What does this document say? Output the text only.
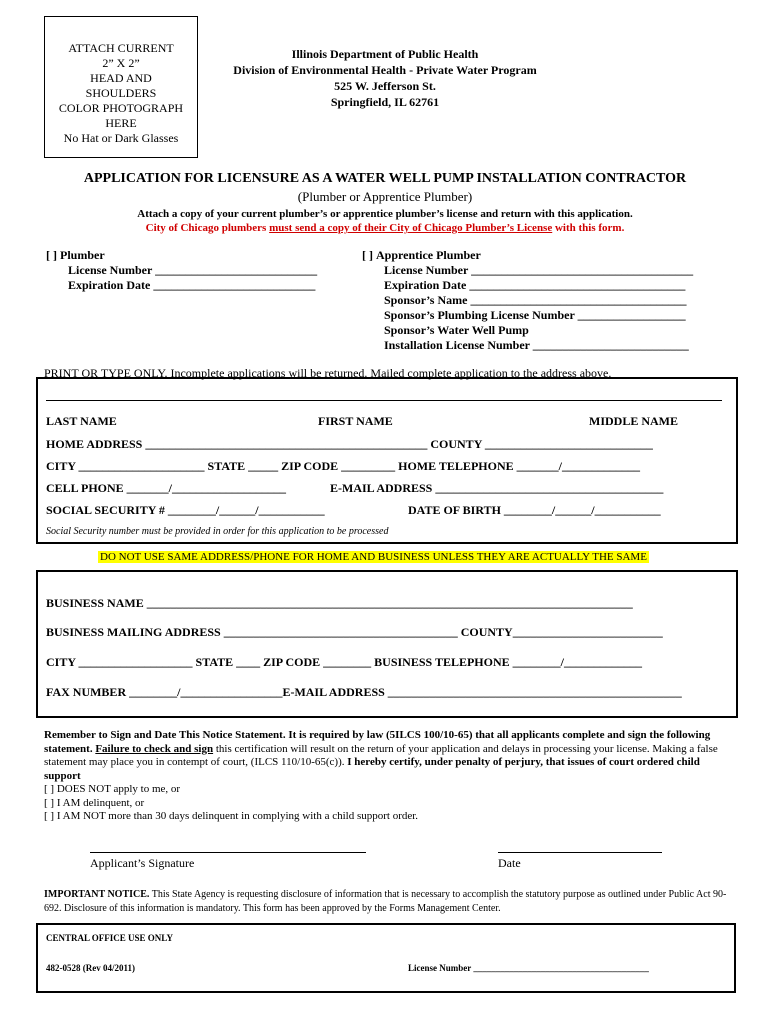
ATTACH CURRENT
2” X 2”
HEAD AND
SHOULDERS
COLOR PHOTOGRAPH
HERE
No Hat or Dark Glasses
Illinois Department of Public Health
Division of Environmental Health - Private Water Program
525 W. Jefferson St.
Springfield, IL 62761
APPLICATION FOR LICENSURE AS A WATER WELL PUMP INSTALLATION CONTRACTOR
(Plumber or Apprentice Plumber)
Attach a copy of your current plumber’s or apprentice plumber’s license and return with this application.
City of Chicago plumbers must send a copy of their City of Chicago Plumber’s License with this form.
[ ] Plumber
License Number ___________________________
Expiration Date ___________________________
[ ] Apprentice Plumber
License Number _____________________________________
Expiration Date ____________________________________
Sponsor’s Name ____________________________________
Sponsor’s Plumbing License Number __________________
Sponsor’s Water Well Pump
Installation License Number __________________________
PRINT OR TYPE ONLY. Incomplete applications will be returned. Mailed complete application to the address above.
LAST NAME	FIRST NAME	MIDDLE NAME
HOME ADDRESS _______________________________________________ COUNTY ____________________________
CITY _____________________ STATE _____ ZIP CODE _________ HOME TELEPHONE _______/_____________
CELL PHONE _______/___________________	E-MAIL ADDRESS ______________________________________
SOCIAL SECURITY # ________/______/___________	DATE OF BIRTH ________/______/___________
Social Security number must be provided in order for this application to be processed
DO NOT USE SAME ADDRESS/PHONE FOR HOME AND BUSINESS UNLESS THEY ARE ACTUALLY THE SAME
BUSINESS NAME _________________________________________________________________________________
BUSINESS MAILING ADDRESS _______________________________________ COUNTY_________________________
CITY ___________________ STATE ____ ZIP CODE ________ BUSINESS TELEPHONE ________/_____________
FAX NUMBER ________/_________________E-MAIL ADDRESS _________________________________________________
Remember to Sign and Date This Notice Statement. It is required by law (5ILCS 100/10-65) that all applicants complete and sign the following statement. Failure to check and sign this certification will result on the return of your application and delays in processing your license. Making a false statement may place you in contempt of court, (ILCS 110/10-65(c)). I hereby certify, under penalty of perjury, that issues of court ordered child support
[ ] DOES NOT apply to me, or
[ ] I AM delinquent, or
[ ] I AM NOT more than 30 days delinquent in complying with a child support order.
Applicant’s Signature	Date
IMPORTANT NOTICE. This State Agency is requesting disclosure of information that is necessary to accomplish the statutory purpose as outlined under Public Act 90-692. Disclosure of this information is mandatory. This form has been approved by the Forms Management Center.
CENTRAL OFFICE USE ONLY
482-0528 (Rev 04/2011)	License Number _______________________________________
